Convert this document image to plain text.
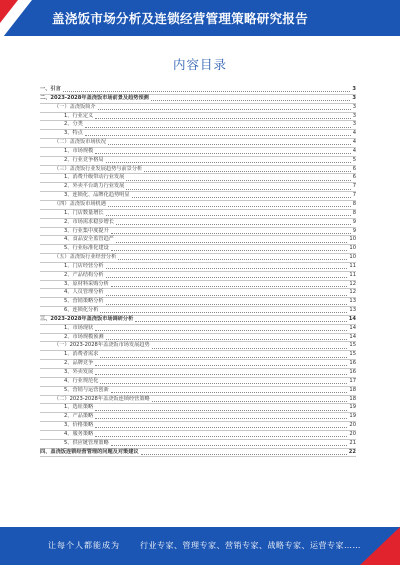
盖浇饭市场分析及连锁经营管理策略研究报告
内容目录
一、引言	3
二、2023-2028年盖浇饭市场前景及趋势预测	3
（一）盖浇饭简介	3
1、行业定义	3
2、分类	3
3、特点	4
（二）盖浇饭市场状况	4
1、市场规模	4
2、行业竞争格局	5
（三）盖浇饭行业发展趋势与前景分析	6
1、消费升级带动行业发展	6
2、外卖平台助力行业发展	7
3、连锁化、品牌化趋势明显	7
（四）盖浇饭市场机遇	8
1、门店数量增长	8
2、市场需求稳步增长	9
3、行业集中度提升	9
4、食品安全监管趋严	10
5、行业标准化建设	10
（五）盖浇饭行业经营分析	10
1、门店经营分析	11
2、产品结构分析	11
3、原材料采购分析	12
4、人员管理分析	12
5、营销策略分析	13
6、连锁化分析	13
三、2023-2028年盖浇饭市场调研分析	14
1、市场现状	14
2、市场规模预测	14
（一）2023-2028年盖浇饭市场发展趋势	15
1、消费者需求	15
2、品牌竞争	16
3、外卖发展	16
4、行业规范化	17
5、营销与运营创新	18
（二）2023-2028年盖浇饭连锁经营策略	18
1、选址策略	19
2、产品策略	19
3、价格策略	20
4、服务策略	20
5、供应链管理策略	21
四、盖浇饭连锁经营管理的问题及对策建议	22
让每个人都能成为	行业专家、管理专家、营销专家、战略专家、运营专家……
